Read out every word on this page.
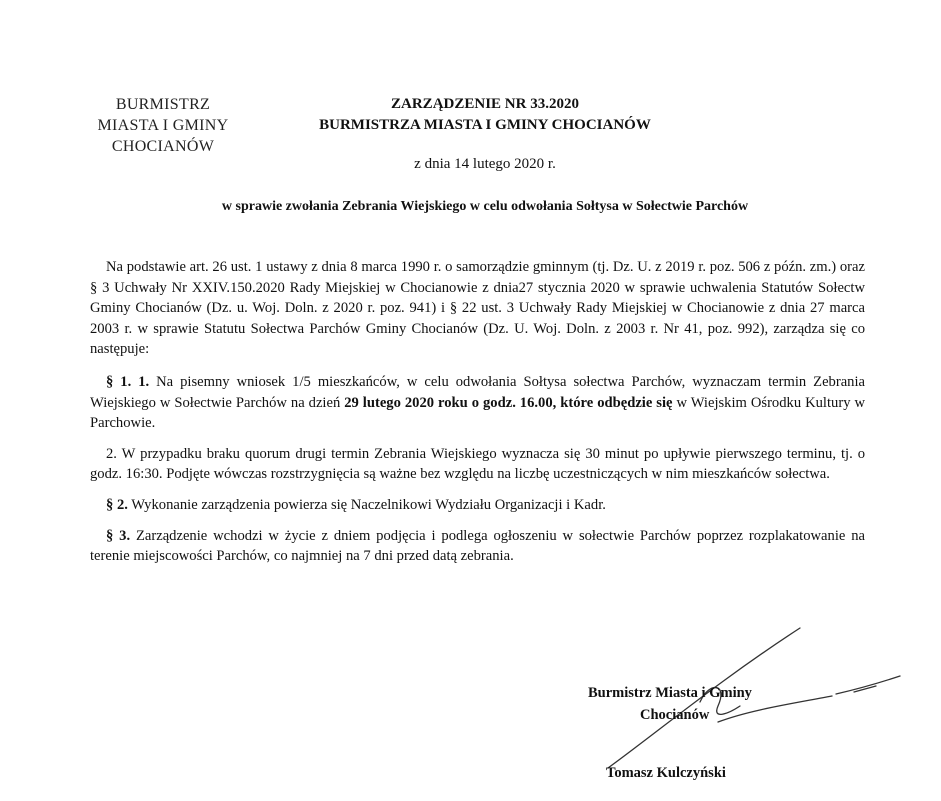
BURMISTRZ
MIASTA I GMINY
CHOCIANÓW
ZARZĄDZENIE NR 33.2020
BURMISTRZA MIASTA I GMINY CHOCIANÓW
z dnia 14 lutego 2020 r.
w sprawie zwołania Zebrania Wiejskiego w celu odwołania Sołtysa w Sołectwie Parchów

Na podstawie art. 26 ust. 1 ustawy z dnia 8 marca 1990 r. o samorządzie gminnym (tj. Dz. U. z 2019 r. poz. 506 z późn. zm.) oraz § 3 Uchwały Nr XXIV.150.2020 Rady Miejskiej w Chocianowie z dnia27 stycznia 2020 w sprawie uchwalenia Statutów Sołectw Gminy Chocianów (Dz. u. Woj. Doln. z 2020 r. poz. 941) i § 22 ust. 3 Uchwały Rady Miejskiej w Chocianowie z dnia 27 marca 2003 r. w sprawie Statutu Sołectwa Parchów Gminy Chocianów (Dz. U. Woj. Doln. z 2003 r. Nr 41, poz. 992), zarządza się co następuje:

§ 1. 1. Na pisemny wniosek 1/5 mieszkańców, w celu odwołania Sołtysa sołectwa Parchów, wyznaczam termin Zebrania Wiejskiego w Sołectwie Parchów na dzień 29 lutego 2020 roku o godz. 16.00, które odbędzie się w Wiejskim Ośrodku Kultury w Parchowie.

2. W przypadku braku quorum drugi termin Zebrania Wiejskiego wyznacza się 30 minut po upływie pierwszego terminu, tj. o godz. 16:30. Podjęte wówczas rozstrzygnięcia są ważne bez względu na liczbę uczestniczących w nim mieszkańców sołectwa.

§ 2. Wykonanie zarządzenia powierza się Naczelnikowi Wydziału Organizacji i Kadr.

§ 3. Zarządzenie wchodzi w życie z dniem podjęcia i podlega ogłoszeniu w sołectwie Parchów poprzez rozplakatowanie na terenie miejscowości Parchów, co najmniej na 7 dni przed datą zebrania.

Burmistrz Miasta i Gminy
Chocianów
Tomasz Kulczyński
